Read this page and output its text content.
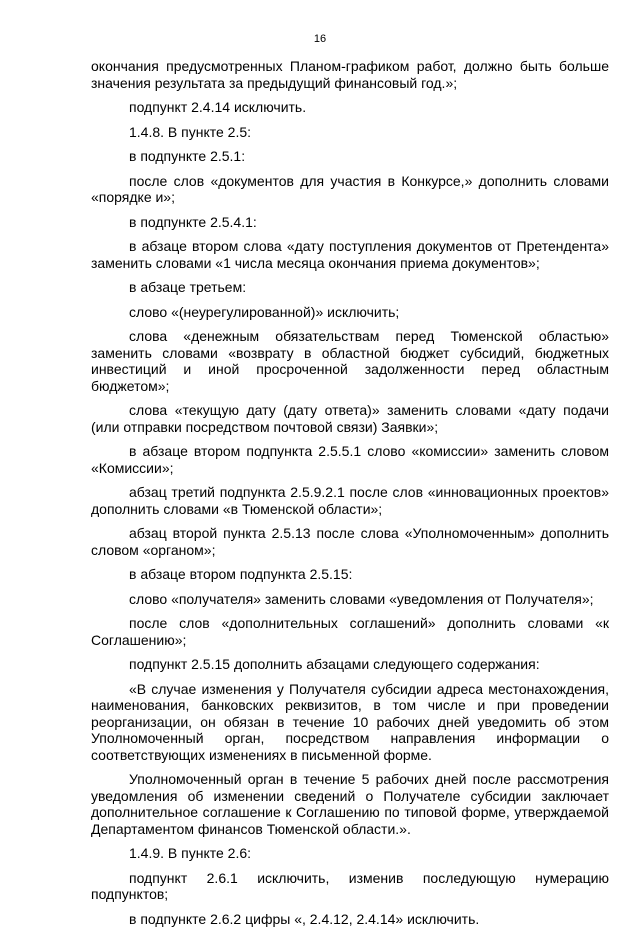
16

окончания предусмотренных Планом-графиком работ, должно быть больше значения результата за предыдущий финансовый год.»;

подпункт 2.4.14 исключить.

1.4.8. В пункте 2.5:

в подпункте 2.5.1:

после слов «документов для участия в Конкурсе,» дополнить словами «порядке и»;

в подпункте 2.5.4.1:

в абзаце втором слова «дату поступления документов от Претендента» заменить словами «1 числа месяца окончания приема документов»;

в абзаце третьем:

слово «(неурегулированной)» исключить;

слова «денежным обязательствам перед Тюменской областью» заменить словами «возврату в областной бюджет субсидий, бюджетных инвестиций и иной просроченной задолженности перед областным бюджетом»;

слова «текущую дату (дату ответа)» заменить словами «дату подачи (или отправки посредством почтовой связи) Заявки»;

в абзаце втором подпункта 2.5.5.1 слово «комиссии» заменить словом «Комиссии»;

абзац третий подпункта 2.5.9.2.1 после слов «инновационных проектов» дополнить словами «в Тюменской области»;

абзац второй пункта 2.5.13 после слова «Уполномоченным» дополнить словом «органом»;

в абзаце втором подпункта 2.5.15:

слово «получателя» заменить словами «уведомления от Получателя»;

после слов «дополнительных соглашений» дополнить словами «к Соглашению»;

подпункт 2.5.15 дополнить абзацами следующего содержания:

«В случае изменения у Получателя субсидии адреса местонахождения, наименования, банковских реквизитов, в том числе и при проведении реорганизации, он обязан в течение 10 рабочих дней уведомить об этом Уполномоченный орган, посредством направления информации о соответствующих изменениях в письменной форме.

Уполномоченный орган в течение 5 рабочих дней после рассмотрения уведомления об изменении сведений о Получателе субсидии заключает дополнительное соглашение к Соглашению по типовой форме, утверждаемой Департаментом финансов Тюменской области.».

1.4.9. В пункте 2.6:

подпункт 2.6.1 исключить, изменив последующую нумерацию подпунктов;

в подпункте 2.6.2 цифры «, 2.4.12, 2.4.14» исключить.
